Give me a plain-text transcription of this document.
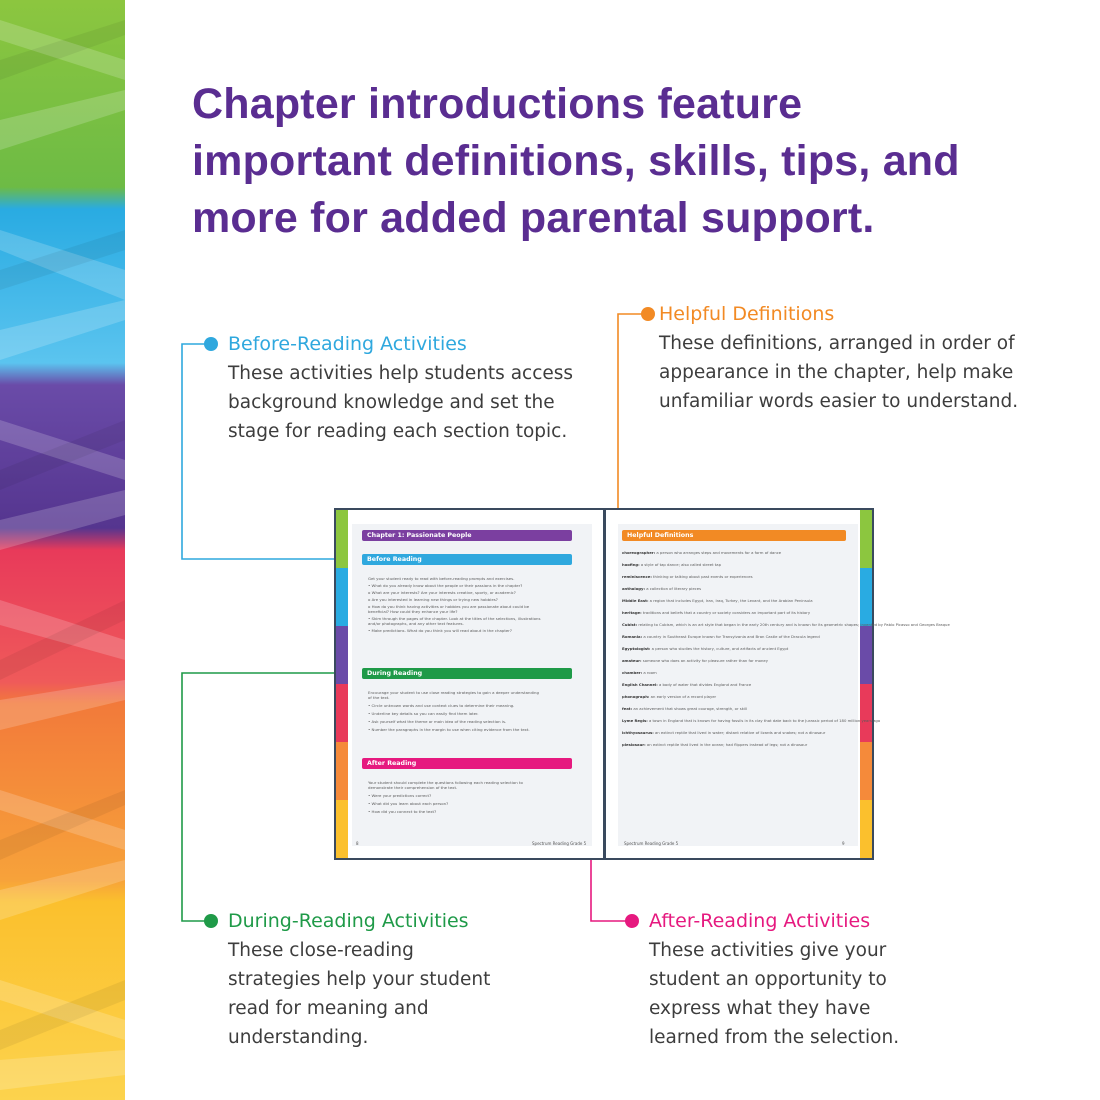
Chapter introductions feature
important definitions, skills, tips, and
more for added parental support.
Before-Reading Activities
These activities help students access
background knowledge and set the
stage for reading each section topic.
Helpful Definitions
These definitions, arranged in order of
appearance in the chapter, help make
unfamiliar words easier to understand.
During-Reading Activities
These close-reading
strategies help your student
read for meaning and
understanding.
After-Reading Activities
These activities give your
student an opportunity to
express what they have
learned from the selection.
Chapter 1: Passionate People
Before Reading
Get your student ready to read with before-reading prompts and exercises.
• What do you already know about the people or their passions in the chapter?
o What are your interests? Are your interests creative, sporty, or academic?
o Are you interested in learning new things or trying new hobbies?
o How do you think having activities or hobbies you are passionate about could be
beneficial? How could they enhance your life?
• Skim through the pages of the chapter. Look at the titles of the selections, illustrations
and/or photographs, and any other text features.
• Make predictions. What do you think you will read about in the chapter?
During Reading
Encourage your student to use close reading strategies to gain a deeper understanding
of the text.
• Circle unknown words and use context clues to determine their meaning.
• Underline key details so you can easily find them later.
• Ask yourself what the theme or main idea of the reading selection is.
• Number the paragraphs in the margin to use when citing evidence from the text.
After Reading
Your student should complete the questions following each reading selection to
demonstrate their comprehension of the text.
• Were your predictions correct?
• What did you learn about each person?
• How did you connect to the text?
8	Spectrum Reading Grade 5
Helpful Definitions
choreographer: a person who arranges steps and movements for a form of dance
hoofing: a style of tap dance; also called street tap
reminiscence: thinking or talking about past events or experiences
anthology: a collection of literary pieces
Middle East: a region that includes Egypt, Iran, Iraq, Turkey, the Levant, and the Arabian Peninsula
heritage: traditions and beliefs that a country or society considers an important part of its history
Cubist: relating to Cubism, which is an art style that began in the early 20th century and is known for its geometric shapes; invented by Pablo Picasso and Georges Braque
Romania: a country in Southeast Europe known for Transylvania and Bran Castle of the Dracula legend
Egyptologist: a person who studies the history, culture, and artifacts of ancient Egypt
amateur: someone who does an activity for pleasure rather than for money
chamber: a room
English Channel: a body of water that divides England and France
phonograph: an early version of a record player
feat: an achievement that shows great courage, strength, or skill
Lyme Regis: a town in England that is known for having fossils in its clay that date back to the Jurassic period of 180 million years ago
ichthyosaurus: an extinct reptile that lived in water; distant relative of lizards and snakes; not a dinosaur
plesiosaur: an extinct reptile that lived in the ocean; had flippers instead of legs; not a dinosaur
Spectrum Reading Grade 5	9
